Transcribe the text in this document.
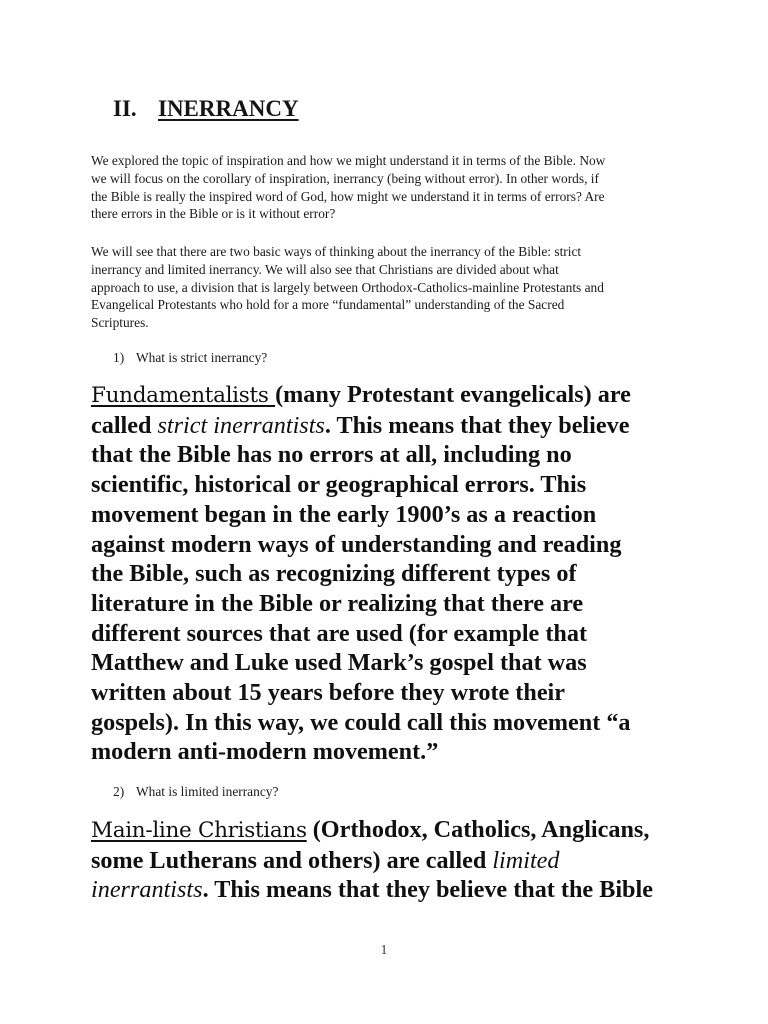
II. INERRANCY

We explored the topic of inspiration and how we might understand it in terms of the Bible. Now
we will focus on the corollary of inspiration, inerrancy (being without error). In other words, if
the Bible is really the inspired word of God, how might we understand it in terms of errors? Are
there errors in the Bible or is it without error?

We will see that there are two basic ways of thinking about the inerrancy of the Bible: strict
inerrancy and limited inerrancy. We will also see that Christians are divided about what
approach to use, a division that is largely between Orthodox-Catholics-mainline Protestants and
Evangelical Protestants who hold for a more “fundamental” understanding of the Sacred
Scriptures.

1) What is strict inerrancy?

Fundamentalists (many Protestant evangelicals) are
called strict inerrantists. This means that they believe
that the Bible has no errors at all, including no
scientific, historical or geographical errors. This
movement began in the early 1900’s as a reaction
against modern ways of understanding and reading
the Bible, such as recognizing different types of
literature in the Bible or realizing that there are
different sources that are used (for example that
Matthew and Luke used Mark’s gospel that was
written about 15 years before they wrote their
gospels). In this way, we could call this movement “a
modern anti-modern movement.”

2) What is limited inerrancy?

Main-line Christians (Orthodox, Catholics, Anglicans,
some Lutherans and others) are called limited
inerrantists. This means that they believe that the Bible

1
